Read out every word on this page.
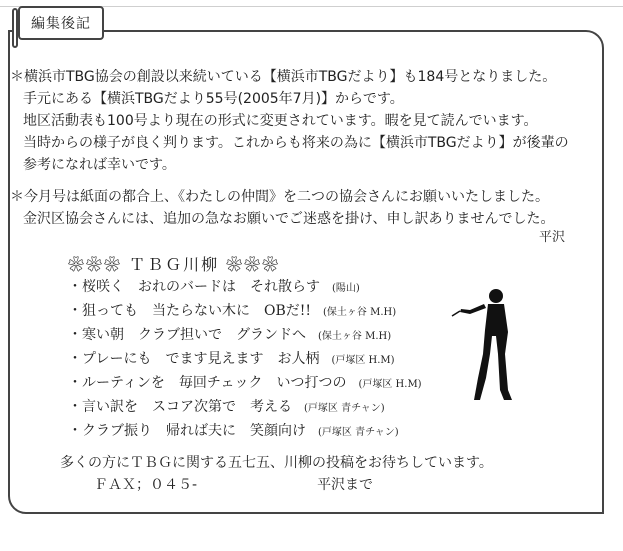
編集後記
＊横浜市TBG協会の創設以来続いている【横浜市TBGだより】も184号となりました。
手元にある【横浜TBGだより55号(2005年7月)】からです。
地区活動表も100号より現在の形式に変更されています。暇を見て読んでいます。
当時からの様子が良く判ります。これからも将来の為に【横浜市TBGだより】が後輩の
参考になれば幸いです。
＊今月号は紙面の都合上、《わたしの仲間》を二つの協会さんにお願いいたしました。
金沢区協会さんには、追加の急なお願いでご迷惑を掛け、申し訳ありませんでした。
平沢
❀❀❀ ＴＢＧ川柳 ❀❀❀
・桜咲く　おれのバードは　それ散らす (陽山)
・狙っても　当たらない木に　OBだ!! (保土ヶ谷 M.H)
・寒い朝　クラブ担いで　グランドへ (保土ヶ谷 M.H)
・プレーにも　でます見えます　お人柄 (戸塚区 H.M)
・ルーティンを　毎回チェック　いつ打つの (戸塚区 H.M)
・言い訳を　スコア次第で　考える (戸塚区 青チャン)
・クラブ振り　帰れば夫に　笑顔向け (戸塚区 青チャン)
多くの方にＴＢＧに関する五七五、川柳の投稿をお待ちしています。
ＦＡＸ；０４５-	平沢まで
